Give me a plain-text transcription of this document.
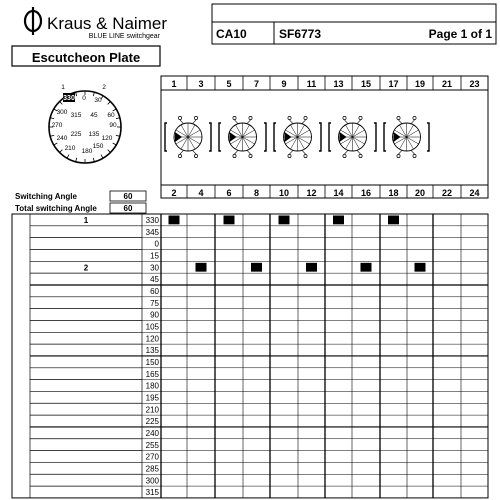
Kraus & Naimer
BLUE LINE switchgear	CA10	SF6773	Page 1 of 1
Escutcheon Plate
330 0 30
1	2
300 315 45 60
270	90
240
225 135
120
210 180
150
1 3	5 7 9 11 13 15 17 19 21 23
2 4	6 8 10 12 14 16 18 20 22 24
Switching Angle	60
Total switching Angle	60
1	330
345
0
15
2	30
45
60
75
90
105
120
135
150
165
180
195
210
225
240
255
270
285
300
315
